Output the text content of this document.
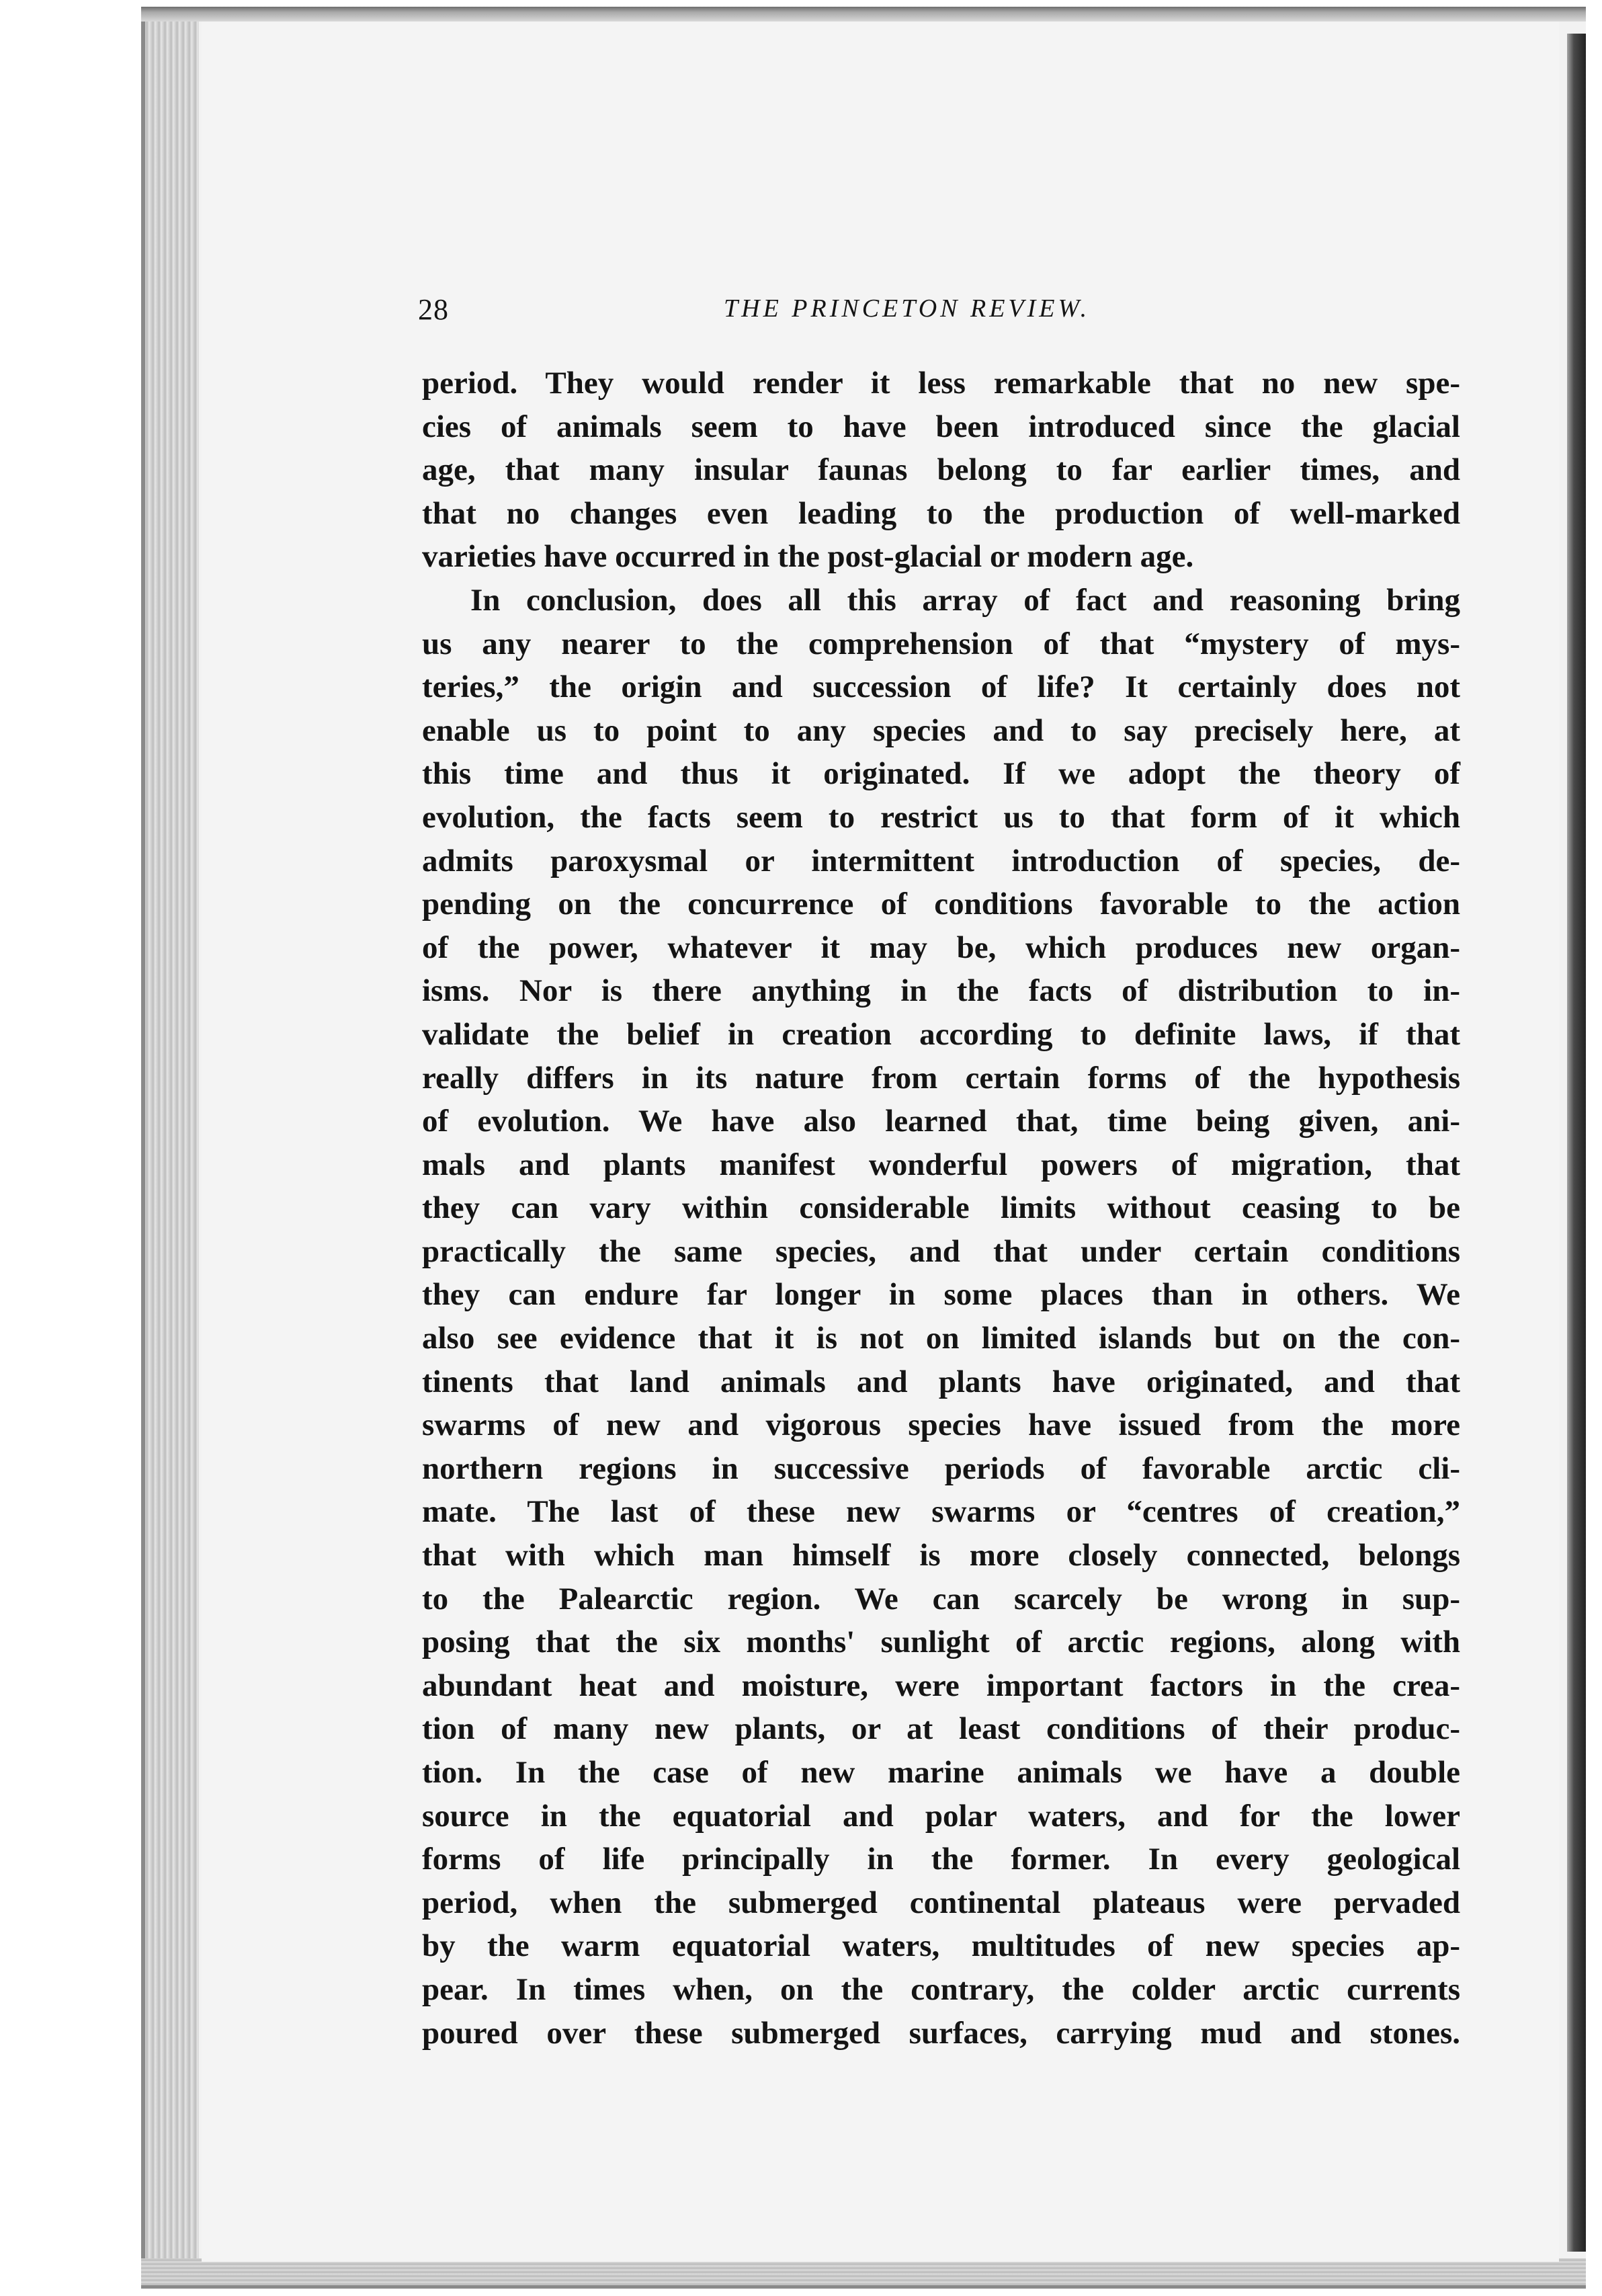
28	THE PRINCETON REVIEW.
period. They would render it less remarkable that no new spe-
cies of animals seem to have been introduced since the glacial
age, that many insular faunas belong to far earlier times, and
that no changes even leading to the production of well-marked
varieties have occurred in the post-glacial or modern age.
In conclusion, does all this array of fact and reasoning bring
us any nearer to the comprehension of that “mystery of mys-
teries,” the origin and succession of life? It certainly does not
enable us to point to any species and to say precisely here, at
this time and thus it originated. If we adopt the theory of
evolution, the facts seem to restrict us to that form of it which
admits paroxysmal or intermittent introduction of species, de-
pending on the concurrence of conditions favorable to the action
of the power, whatever it may be, which produces new organ-
isms. Nor is there anything in the facts of distribution to in-
validate the belief in creation according to definite laws, if that
really differs in its nature from certain forms of the hypothesis
of evolution. We have also learned that, time being given, ani-
mals and plants manifest wonderful powers of migration, that
they can vary within considerable limits without ceasing to be
practically the same species, and that under certain conditions
they can endure far longer in some places than in others. We
also see evidence that it is not on limited islands but on the con-
tinents that land animals and plants have originated, and that
swarms of new and vigorous species have issued from the more
northern regions in successive periods of favorable arctic cli-
mate. The last of these new swarms or “centres of creation,”
that with which man himself is more closely connected, belongs
to the Palearctic region. We can scarcely be wrong in sup-
posing that the six months' sunlight of arctic regions, along with
abundant heat and moisture, were important factors in the crea-
tion of many new plants, or at least conditions of their produc-
tion. In the case of new marine animals we have a double
source in the equatorial and polar waters, and for the lower
forms of life principally in the former. In every geological
period, when the submerged continental plateaus were pervaded
by the warm equatorial waters, multitudes of new species ap-
pear. In times when, on the contrary, the colder arctic currents
poured over these submerged surfaces, carrying mud and stones.
